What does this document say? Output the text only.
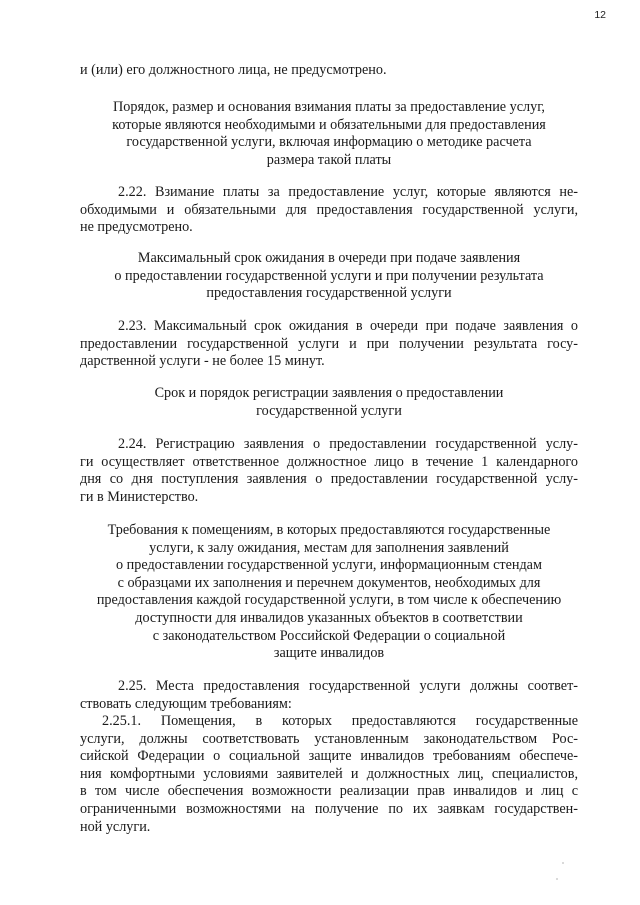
12
и (или) его должностного лица, не предусмотрено.
Порядок, размер и основания взимания платы за предоставление услуг,
которые являются необходимыми и обязательными для предоставления
государственной услуги, включая информацию о методике расчета
размера такой платы
2.22. Взимание платы за предоставление услуг, которые являются не-
обходимыми и обязательными для предоставления государственной услуги,
не предусмотрено.
Максимальный срок ожидания в очереди при подаче заявления
о предоставлении государственной услуги и при получении результата
предоставления государственной услуги
2.23. Максимальный срок ожидания в очереди при подаче заявления о
предоставлении государственной услуги и при получении результата госу-
дарственной услуги - не более 15 минут.
Срок и порядок регистрации заявления о предоставлении
государственной услуги
2.24. Регистрацию заявления о предоставлении государственной услу-
ги осуществляет ответственное должностное лицо в течение 1 календарного
дня со дня поступления заявления о предоставлении государственной услу-
ги в Министерство.
Требования к помещениям, в которых предоставляются государственные
услуги, к залу ожидания, местам для заполнения заявлений
о предоставлении государственной услуги, информационным стендам
с образцами их заполнения и перечнем документов, необходимых для
предоставления каждой государственной услуги, в том числе к обеспечению
доступности для инвалидов указанных объектов в соответствии
с законодательством Российской Федерации о социальной
защите инвалидов
2.25. Места предоставления государственной услуги должны соответ-
ствовать следующим требованиям:
2.25.1. Помещения, в которых предоставляются государственные
услуги, должны соответствовать установленным законодательством Рос-
сийской Федерации о социальной защите инвалидов требованиям обеспече-
ния комфортными условиями заявителей и должностных лиц, специалистов,
в том числе обеспечения возможности реализации прав инвалидов и лиц с
ограниченными возможностями на получение по их заявкам государствен-
ной услуги.
